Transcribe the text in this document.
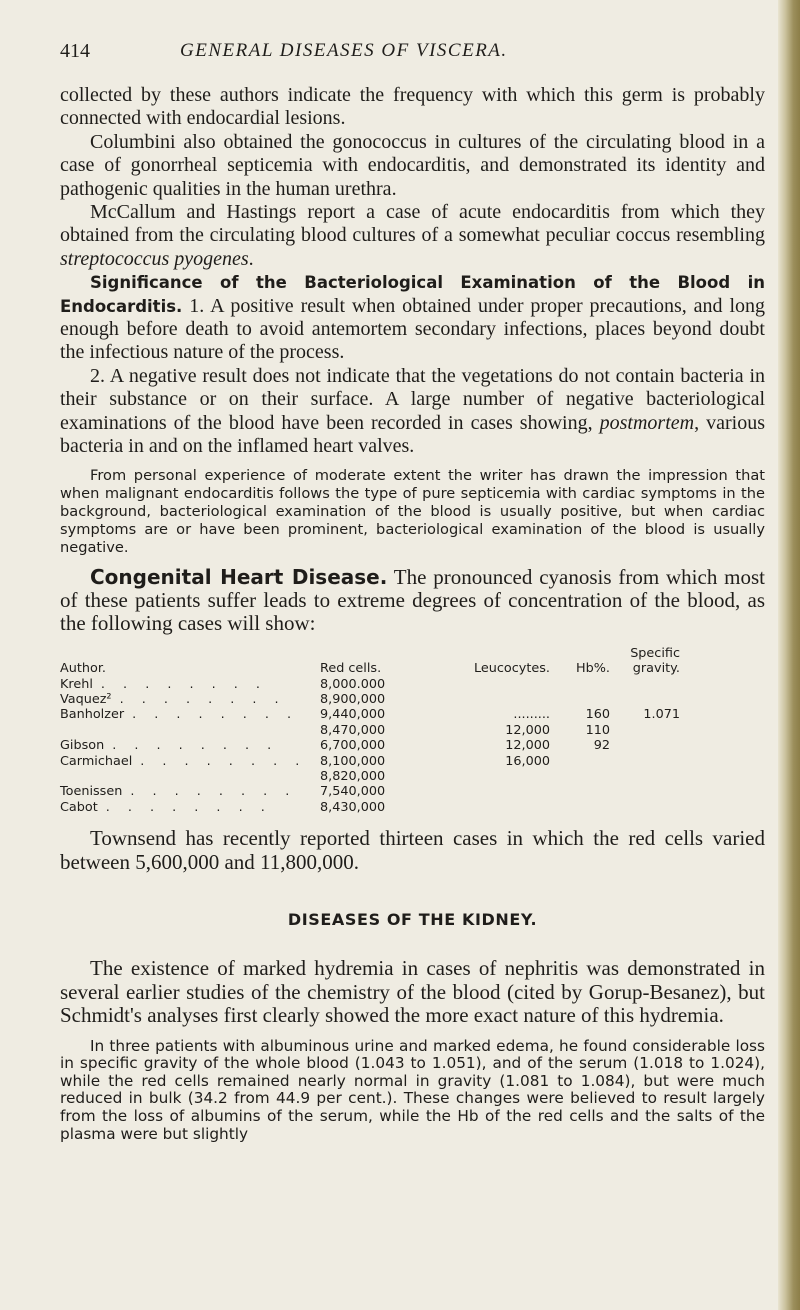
414	GENERAL DISEASES OF VISCERA.

collected by these authors indicate the frequency with which this germ is probably connected with endocardial lesions.

Columbini also obtained the gonococcus in cultures of the circulating blood in a case of gonorrheal septicemia with endocarditis, and demonstrated its identity and pathogenic qualities in the human urethra.

McCallum and Hastings report a case of acute endocarditis from which they obtained from the circulating blood cultures of a somewhat peculiar coccus resembling streptococcus pyogenes.

Significance of the Bacteriological Examination of the Blood in Endocarditis. 1. A positive result when obtained under proper precautions, and long enough before death to avoid antemortem secondary infections, places beyond doubt the infectious nature of the process.

2. A negative result does not indicate that the vegetations do not contain bacteria in their substance or on their surface. A large number of negative bacteriological examinations of the blood have been recorded in cases showing, postmortem, various bacteria in and on the inflamed heart valves.

From personal experience of moderate extent the writer has drawn the impression that when malignant endocarditis follows the type of pure septicemia with cardiac symptoms in the background, bacteriological examination of the blood is usually positive, but when cardiac symptoms are or have been prominent, bacteriological examination of the blood is usually negative.

Congenital Heart Disease. The pronounced cyanosis from which most of these patients suffer leads to extreme degrees of concentration of the blood, as the following cases will show:

				Specific
Author.	Red cells.	Leucocytes.	Hb%.	gravity.
Krehl . . . . . . . .	8,000.000			
Vaquez² . . . . . . . .	8,900,000			
Banholzer . . . . . . . .	9,440,000	.........	160	1.071
	8,470,000	12,000	110	
Gibson . . . . . . . .	6,700,000	12,000	92	
Carmichael . . . . . . . .	8,100,000	16,000		
	8,820,000			
Toenissen . . . . . . . .	7,540,000			
Cabot . . . . . . . .	8,430,000			

Townsend has recently reported thirteen cases in which the red cells varied between 5,600,000 and 11,800,000.

DISEASES OF THE KIDNEY.

The existence of marked hydremia in cases of nephritis was demonstrated in several earlier studies of the chemistry of the blood (cited by Gorup-Besanez), but Schmidt's analyses first clearly showed the more exact nature of this hydremia.

In three patients with albuminous urine and marked edema, he found considerable loss in specific gravity of the whole blood (1.043 to 1.051), and of the serum (1.018 to 1.024), while the red cells remained nearly normal in gravity (1.081 to 1.084), but were much reduced in bulk (34.2 from 44.9 per cent.). These changes were believed to result largely from the loss of albumins of the serum, while the Hb of the red cells and the salts of the plasma were but slightly
